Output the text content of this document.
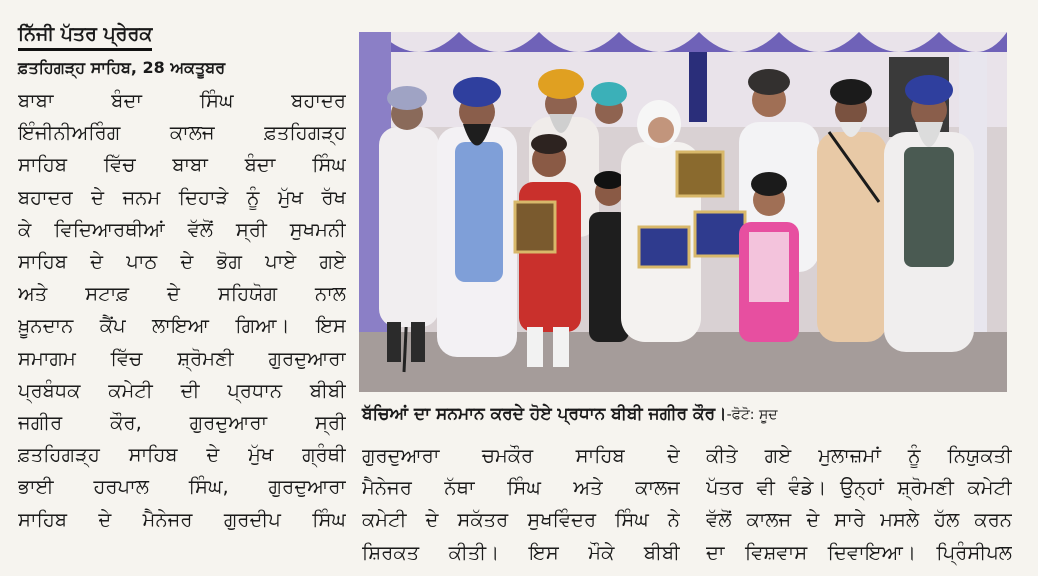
ਨਿੱਜੀ ਪੱਤਰ ਪ੍ਰੇਰਕ
ਫ਼ਤਹਿਗੜ੍ਹ ਸਾਹਿਬ, 28 ਅਕਤੂਬਰ
ਬਾਬਾ ਬੰਦਾ ਸਿੰਘ ਬਹਾਦਰ
ਇੰਜੀਨੀਅਰਿੰਗ ਕਾਲਜ ਫ਼ਤਹਿਗੜ੍ਹ
ਸਾਹਿਬ ਵਿੱਚ ਬਾਬਾ ਬੰਦਾ ਸਿੰਘ
ਬਹਾਦਰ ਦੇ ਜਨਮ ਦਿਹਾੜੇ ਨੂੰ ਮੁੱਖ ਰੱਖ
ਕੇ ਵਿਦਿਆਰਥੀਆਂ ਵੱਲੋਂ ਸ੍ਰੀ ਸੁਖਮਨੀ
ਸਾਹਿਬ ਦੇ ਪਾਠ ਦੇ ਭੋਗ ਪਾਏ ਗਏ
ਅਤੇ ਸਟਾਫ਼ ਦੇ ਸਹਿਯੋਗ ਨਾਲ
ਖ਼ੂਨਦਾਨ ਕੈਂਪ ਲਾਇਆ ਗਿਆ। ਇਸ
ਸਮਾਗਮ ਵਿੱਚ ਸ਼੍ਰੋਮਣੀ ਗੁਰਦੁਆਰਾ
ਪ੍ਰਬੰਧਕ ਕਮੇਟੀ ਦੀ ਪ੍ਰਧਾਨ ਬੀਬੀ
ਜਗੀਰ ਕੌਰ, ਗੁਰਦੁਆਰਾ ਸ੍ਰੀ
ਫ਼ਤਹਿਗੜ੍ਹ ਸਾਹਿਬ ਦੇ ਮੁੱਖ ਗ੍ਰੰਥੀ
ਭਾਈ ਹਰਪਾਲ ਸਿੰਘ, ਗੁਰਦੁਆਰਾ
ਸਾਹਿਬ ਦੇ ਮੈਨੇਜਰ ਗੁਰਦੀਪ ਸਿੰਘ
ਬੱਚਿਆਂ ਦਾ ਸਨਮਾਨ ਕਰਦੇ ਹੋਏ ਪ੍ਰਧਾਨ ਬੀਬੀ ਜਗੀਰ ਕੌਰ।-ਫੋਟੋ: ਸੂਦ
ਗੁਰਦੁਆਰਾ ਚਮਕੌਰ ਸਾਹਿਬ ਦੇ
ਮੈਨੇਜਰ ਨੱਥਾ ਸਿੰਘ ਅਤੇ ਕਾਲਜ
ਕਮੇਟੀ ਦੇ ਸਕੱਤਰ ਸੁਖਵਿੰਦਰ ਸਿੰਘ ਨੇ
ਸ਼ਿਰਕਤ ਕੀਤੀ। ਇਸ ਮੌਕੇ ਬੀਬੀ
ਕੀਤੇ ਗਏ ਮੁਲਾਜ਼ਮਾਂ ਨੂੰ ਨਿਯੁਕਤੀ
ਪੱਤਰ ਵੀ ਵੰਡੇ। ਉਨ੍ਹਾਂ ਸ਼੍ਰੋਮਣੀ ਕਮੇਟੀ
ਵੱਲੋਂ ਕਾਲਜ ਦੇ ਸਾਰੇ ਮਸਲੇ ਹੱਲ ਕਰਨ
ਦਾ ਵਿਸ਼ਵਾਸ ਦਿਵਾਇਆ। ਪ੍ਰਿੰਸੀਪਲ
